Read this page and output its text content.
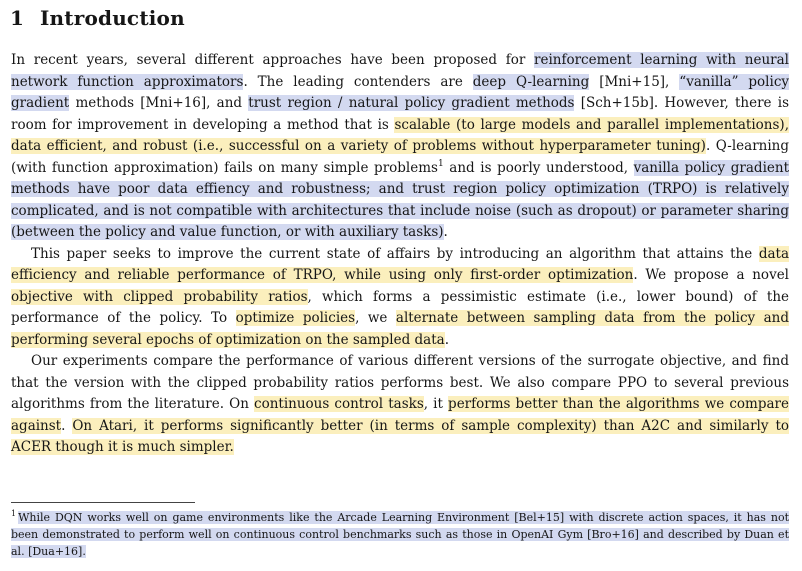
1 Introduction

In recent years, several different approaches have been proposed for reinforcement learning with neural network function approximators. The leading contenders are deep Q-learning [Mni+15], “vanilla” policy gradient methods [Mni+16], and trust region / natural policy gradient methods [Sch+15b]. However, there is room for improvement in developing a method that is scalable (to large models and parallel implementations), data efficient, and robust (i.e., successful on a variety of problems without hyperparameter tuning). Q-learning (with function approximation) fails on many simple problems$^1$ and is poorly understood, vanilla policy gradient methods have poor data effiency and robustness; and trust region policy optimization (TRPO) is relatively complicated, and is not compatible with architectures that include noise (such as dropout) or parameter sharing (between the policy and value function, or with auxiliary tasks).

This paper seeks to improve the current state of affairs by introducing an algorithm that attains the data efficiency and reliable performance of TRPO, while using only first-order optimization. We propose a novel objective with clipped probability ratios, which forms a pessimistic estimate (i.e., lower bound) of the performance of the policy. To optimize policies, we alternate between sampling data from the policy and performing several epochs of optimization on the sampled data.

Our experiments compare the performance of various different versions of the surrogate objective, and find that the version with the clipped probability ratios performs best. We also compare PPO to several previous algorithms from the literature. On continuous control tasks, it performs better than the algorithms we compare against. On Atari, it performs significantly better (in terms of sample complexity) than A2C and similarly to ACER though it is much simpler.

$^1$ While DQN works well on game environments like the Arcade Learning Environment [Bel+15] with discrete action spaces, it has not been demonstrated to perform well on continuous control benchmarks such as those in OpenAI Gym [Bro+16] and described by Duan et al. [Dua+16].
